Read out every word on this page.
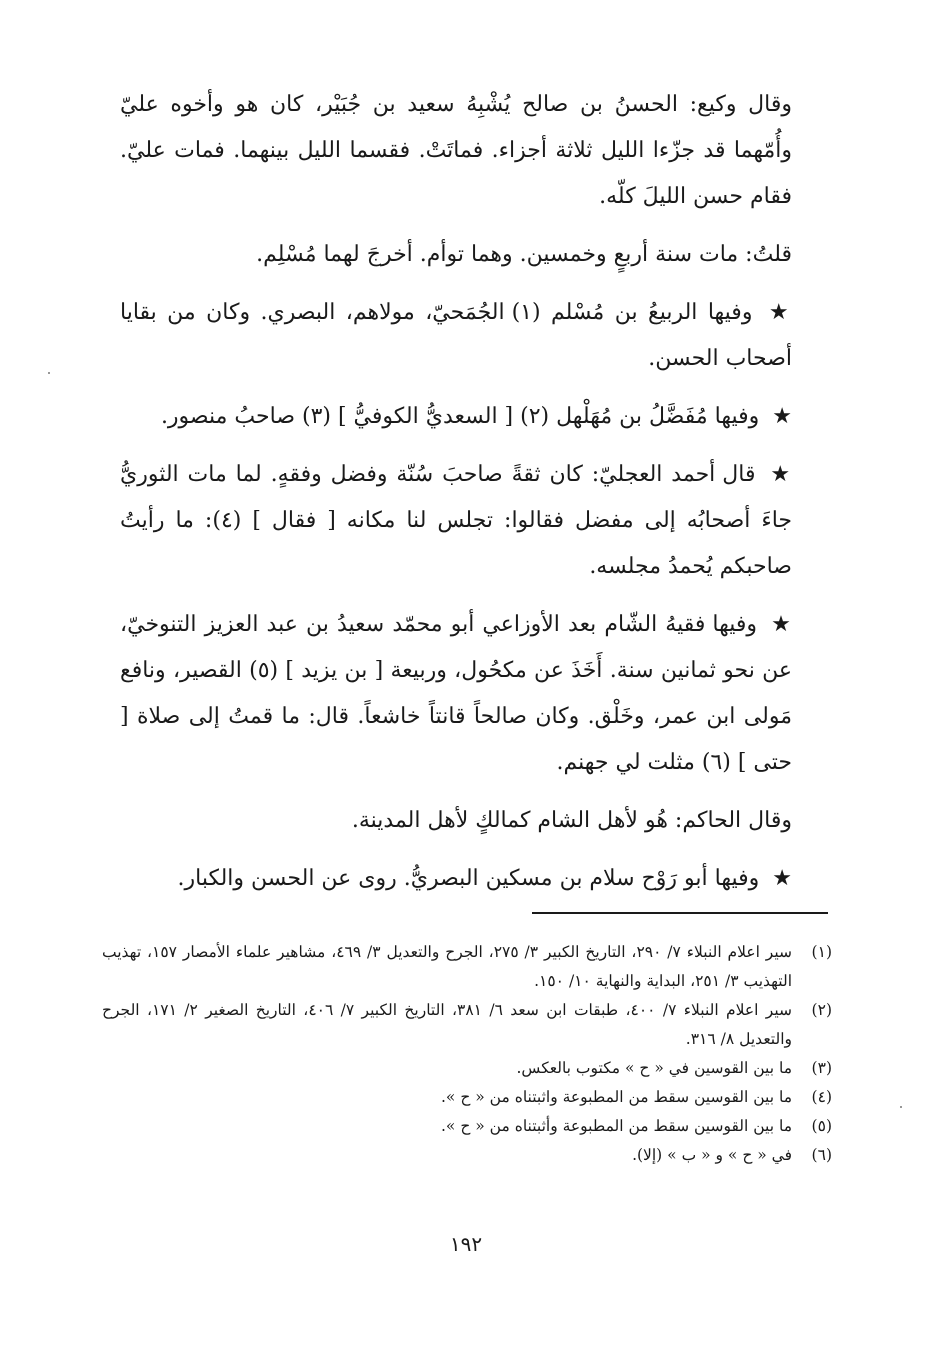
وقال وكيع: الحسنُ بن صالح يُشْبِهُ سعيد بن جُبَيْر، كان هو وأخوه عليّ وأُمّهما قد جزّءا الليل ثلاثة أجزاء. فماتَتْ. فقسما الليل بينهما. فمات عليّ. فقام حسن الليلَ كلّه.

قلتُ: مات سنة أربعٍ وخمسين. وهما توأم. أخرجَ لهما مُسْلِم.

★ وفيها الربيعُ بن مُسْلم (١) الجُمَحيّ، مولاهم، البصري. وكان من بقايا أصحاب الحسن.

★ وفيها مُفَضَّلُ بن مُهَلْهل (٢) [ السعديُّ الكوفيُّ ] (٣) صاحبُ منصور.

★ قال أحمد العجليّ: كان ثقةً صاحبَ سُنّة وفضل وفقهٍ. لما مات الثوريُّ جاءَ أصحابُه إلى مفضل فقالوا: تجلس لنا مكانه [ فقال ] (٤): ما رأيتُ صاحبكم يُحمدُ مجلسه.

★ وفيها فقيهُ الشّام بعد الأوزاعي أبو محمّد سعيدُ بن عبد العزيز التنوخيّ، عن نحو ثمانين سنة. أَخَذَ عن مكحُول، وربيعة [ بن يزيد ] (٥) القصير، ونافع مَولى ابن عمر، وخَلْق. وكان صالحاً قانتاً خاشعاً. قال: ما قمتُ إلى صلاة [ حتى ] (٦) مثلت لي جهنم.

وقال الحاكم: هُو لأهل الشام كمالكٍ لأهل المدينة.

★ وفيها أبو رَوْح سلام بن مسكين البصريُّ. روى عن الحسن والكبار.

(١)
سير اعلام النبلاء ٧/ ٢٩٠، التاريخ الكبير ٣/ ٢٧٥، الجرح والتعديل ٣/ ٤٦٩، مشاهير علماء الأمصار ١٥٧، تهذيب التهذيب ٣/ ٢٥١، البداية والنهاية ١٠/ ١٥٠.
(٢)
سير اعلام النبلاء ٧/ ٤٠٠، طبقات ابن سعد ٦/ ٣٨١، التاريخ الكبير ٧/ ٤٠٦، التاريخ الصغير ٢/ ١٧١، الجرح والتعديل ٨/ ٣١٦.
(٣)
ما بين القوسين في « ح » مكتوب بالعكس.
(٤)
ما بين القوسين سقط من المطبوعة واثبتناه من « ح ».
(٥)
ما بين القوسين سقط من المطبوعة وأثبتناه من « ح ».
(٦)
في « ح » و « ب » (إلا).
١٩٢
